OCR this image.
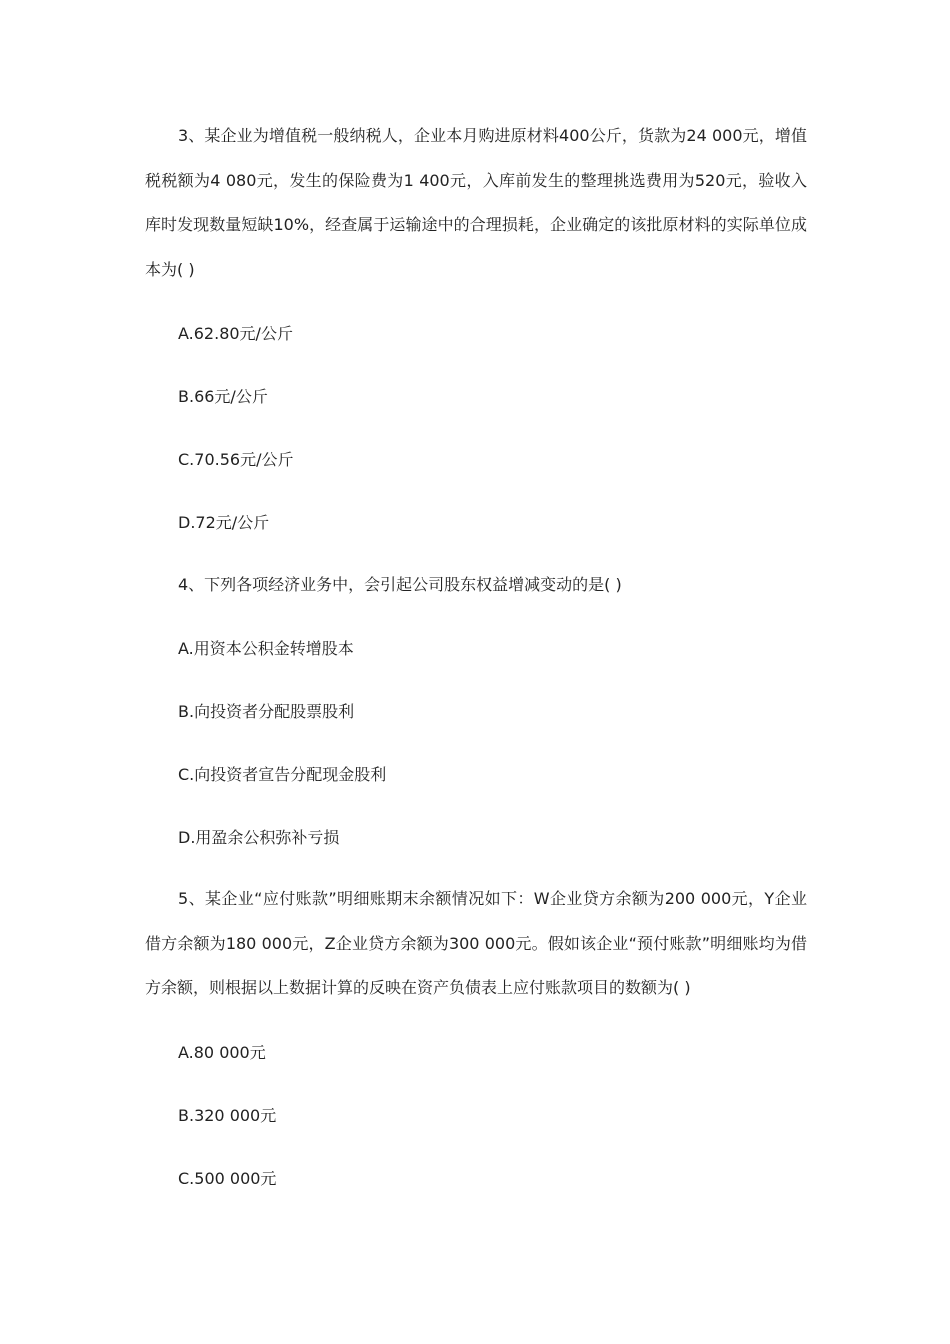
3、某企业为增值税一般纳税人，企业本月购进原材料400公斤，货款为24 000元，增值税税额为4 080元，发生的保险费为1 400元，入库前发生的整理挑选费用为520元，验收入库时发现数量短缺10%，经查属于运输途中的合理损耗，企业确定的该批原材料的实际单位成本为( )

A.62.80元/公斤

B.66元/公斤

C.70.56元/公斤

D.72元/公斤

4、下列各项经济业务中，会引起公司股东权益增减变动的是( )

A.用资本公积金转增股本

B.向投资者分配股票股利

C.向投资者宣告分配现金股利

D.用盈余公积弥补亏损

5、某企业“应付账款”明细账期末余额情况如下：W企业贷方余额为200 000元，Y企业借方余额为180 000元，Z企业贷方余额为300 000元。假如该企业“预付账款”明细账均为借方余额，则根据以上数据计算的反映在资产负债表上应付账款项目的数额为( )

A.80 000元

B.320 000元

C.500 000元
